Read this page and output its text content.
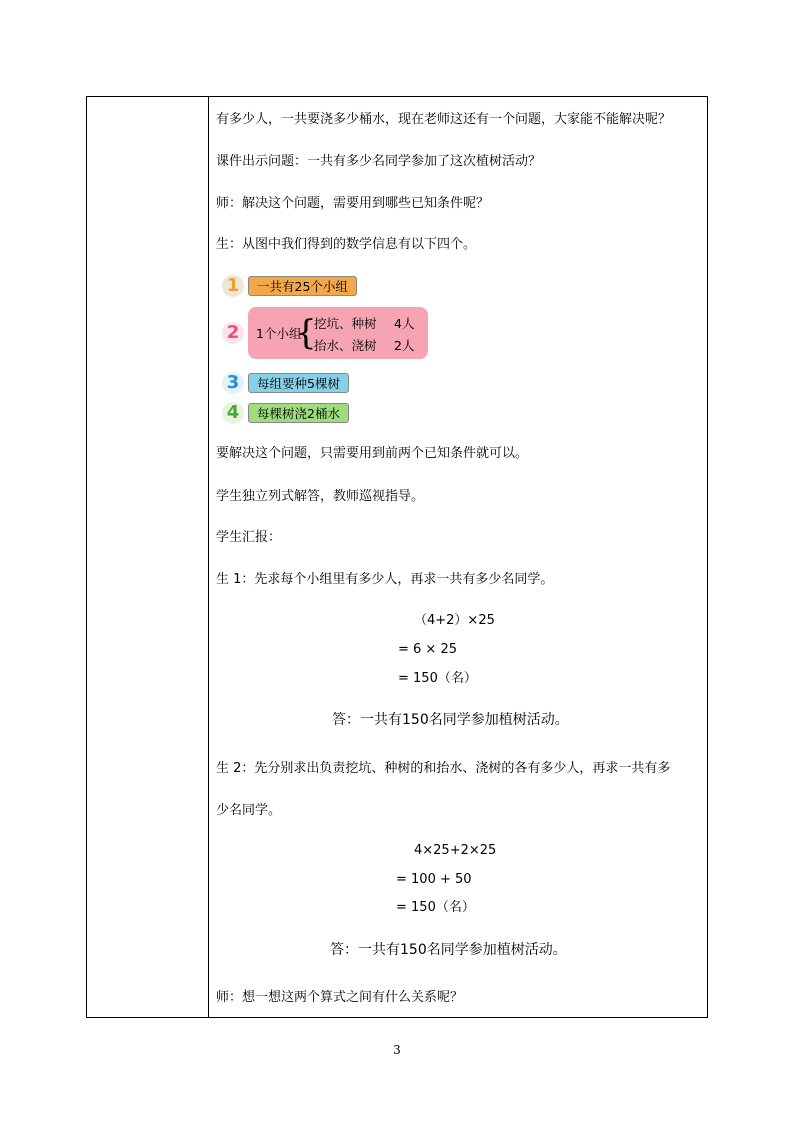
有多少人，一共要浇多少桶水，现在老师这还有一个问题，大家能不能解决呢？
课件出示问题：一共有多少名同学参加了这次植树活动？
师：解决这个问题，需要用到哪些已知条件呢？
生：从图中我们得到的数学信息有以下四个。
1	一共有25个小组
2	1个小组
{
挖坑、种树 4人
抬水、浇树 2人
3	每组要种5棵树
4	每棵树浇2桶水
要解决这个问题，只需要用到前两个已知条件就可以。
学生独立列式解答，教师巡视指导。
学生汇报：
生 1：先求每个小组里有多少人，再求一共有多少名同学。
（4+2）×25
= 6 × 25
= 150（名）
答：一共有150名同学参加植树活动。
生 2：先分别求出负责挖坑、种树的和抬水、浇树的各有多少人，再求一共有多
少名同学。
4×25+2×25
= 100 + 50
= 150（名）
答：一共有150名同学参加植树活动。
师：想一想这两个算式之间有什么关系呢？
3
